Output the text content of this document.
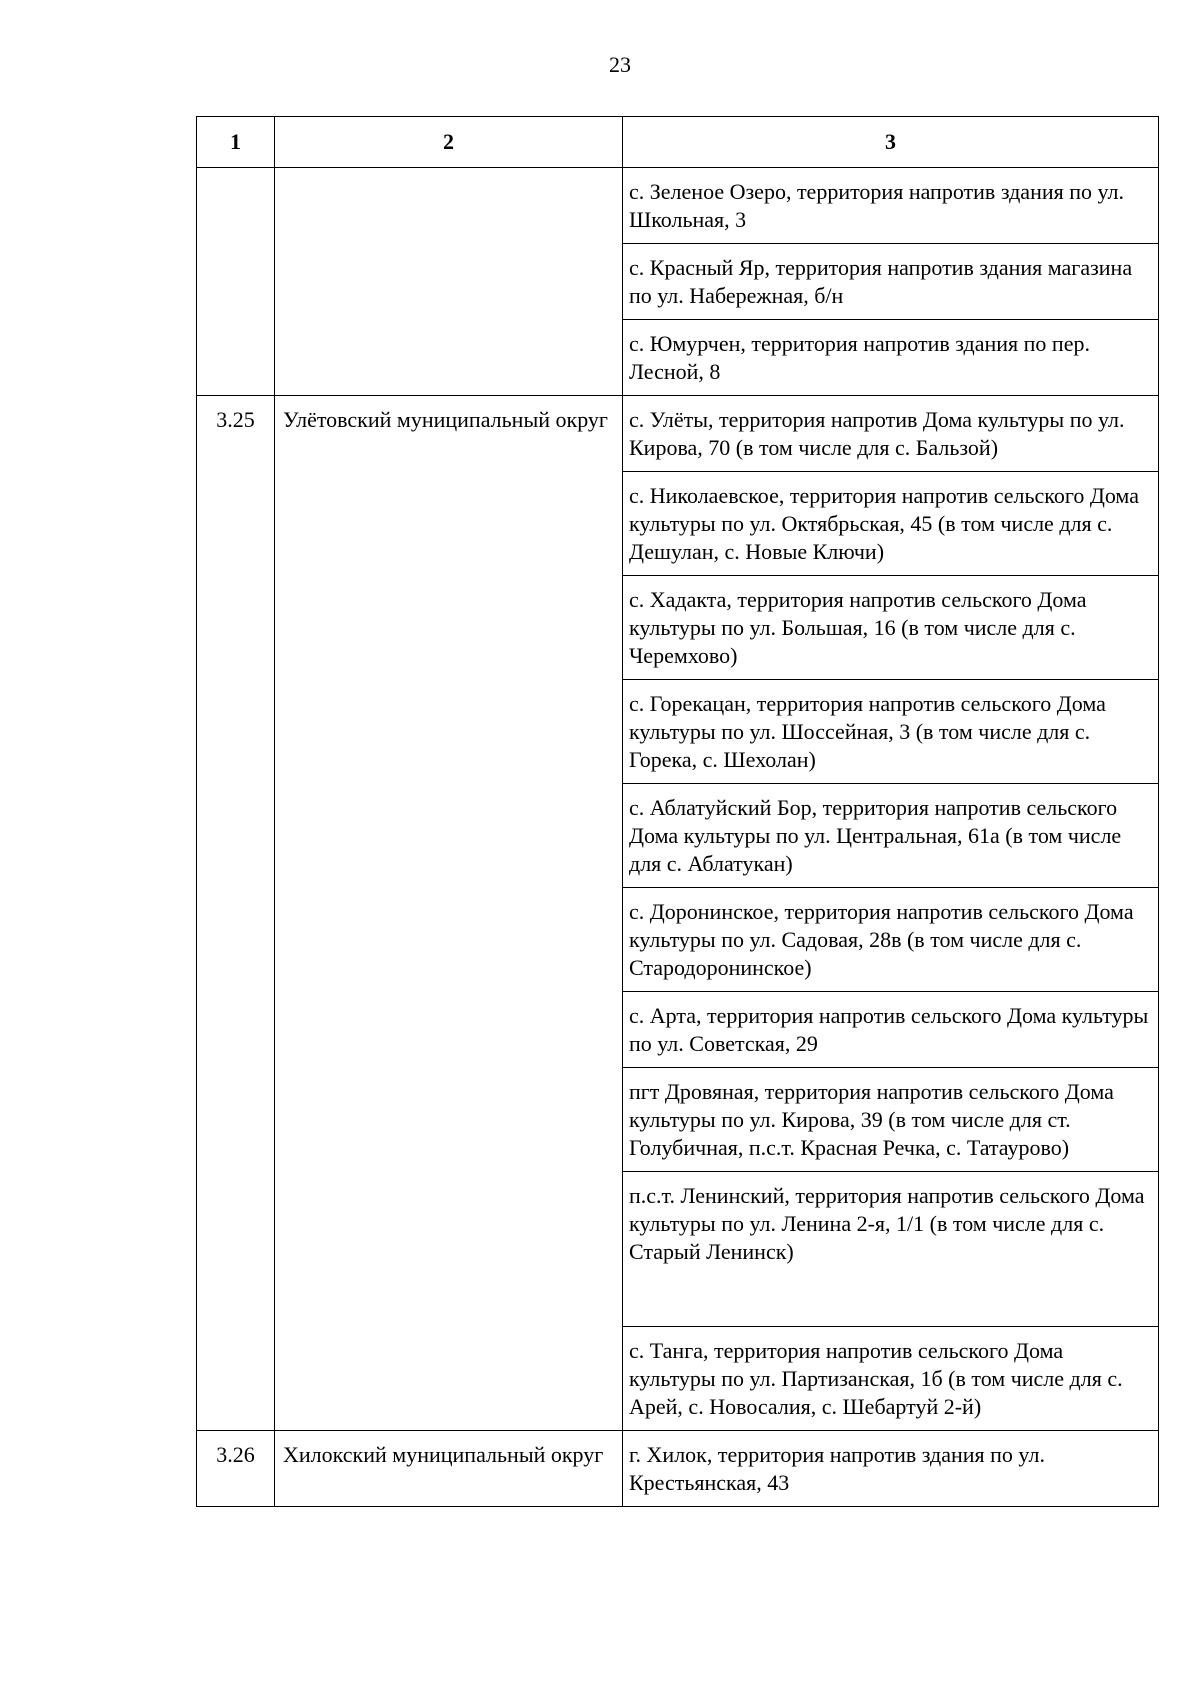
23
1	2	3
		с. Зеленое Озеро, территория напротив здания по ул. Школьная, 3
		с. Красный Яр, территория напротив здания магазина по ул. Набережная, б/н
		с. Юмурчен, территория напротив здания по пер. Лесной, 8
3.25	Улётовский муниципальный округ	с. Улёты, территория напротив Дома культуры по ул. Кирова, 70 (в том числе для с. Бальзой)
		с. Николаевское, территория напротив сельского Дома культуры по ул. Октябрьская, 45 (в том числе для с. Дешулан, с. Новые Ключи)
		с. Хадакта, территория напротив сельского Дома культуры по ул. Большая, 16 (в том числе для с. Черемхово)
		с. Горекацан, территория напротив сельского Дома культуры по ул. Шоссейная, 3 (в том числе для с. Горека, с. Шехолан)
		с. Аблатуйский Бор, территория напротив сельского Дома культуры по ул. Центральная, 61а (в том числе для с. Аблатукан)
		с. Доронинское, территория напротив сельского Дома культуры по ул. Садовая, 28в (в том числе для с. Стародоронинское)
		с. Арта, территория напротив сельского Дома культуры по ул. Советская, 29
		пгт Дровяная, территория напротив сельского Дома культуры по ул. Кирова, 39 (в том числе для ст. Голубичная, п.с.т. Красная Речка, с. Татаурово)
		п.с.т. Ленинский, территория напротив сельского Дома культуры по ул. Ленина 2-я, 1/1 (в том числе для с. Старый Ленинск)
		с. Танга, территория напротив сельского Дома культуры по ул. Партизанская, 1б (в том числе для с. Арей, с. Новосалия, с. Шебартуй 2-й)
3.26	Хилокский муниципальный округ	г. Хилок, территория напротив здания по ул. Крестьянская, 43
